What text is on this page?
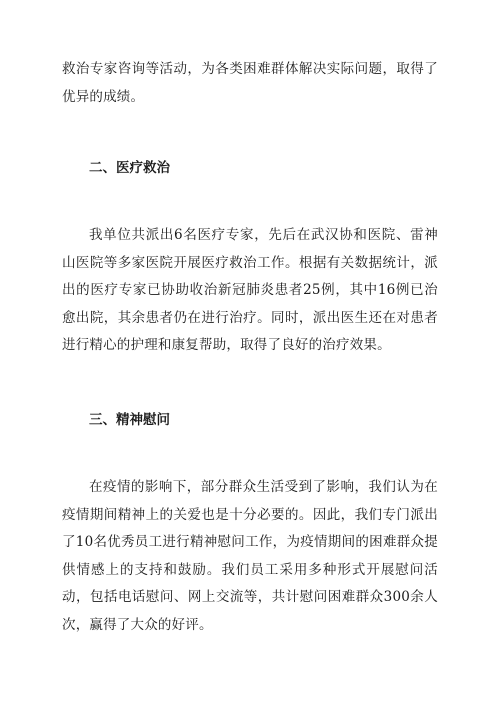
救治专家咨询等活动，为各类困难群体解决实际问题，取得了优异的成绩。

二、医疗救治

我单位共派出6名医疗专家，先后在武汉协和医院、雷神山医院等多家医院开展医疗救治工作。根据有关数据统计，派出的医疗专家已协助收治新冠肺炎患者25例，其中16例已治愈出院，其余患者仍在进行治疗。同时，派出医生还在对患者进行精心的护理和康复帮助，取得了良好的治疗效果。

三、精神慰问

在疫情的影响下，部分群众生活受到了影响，我们认为在疫情期间精神上的关爱也是十分必要的。因此，我们专门派出了10名优秀员工进行精神慰问工作，为疫情期间的困难群众提供情感上的支持和鼓励。我们员工采用多种形式开展慰问活动，包括电话慰问、网上交流等，共计慰问困难群众300余人次，赢得了大众的好评。
